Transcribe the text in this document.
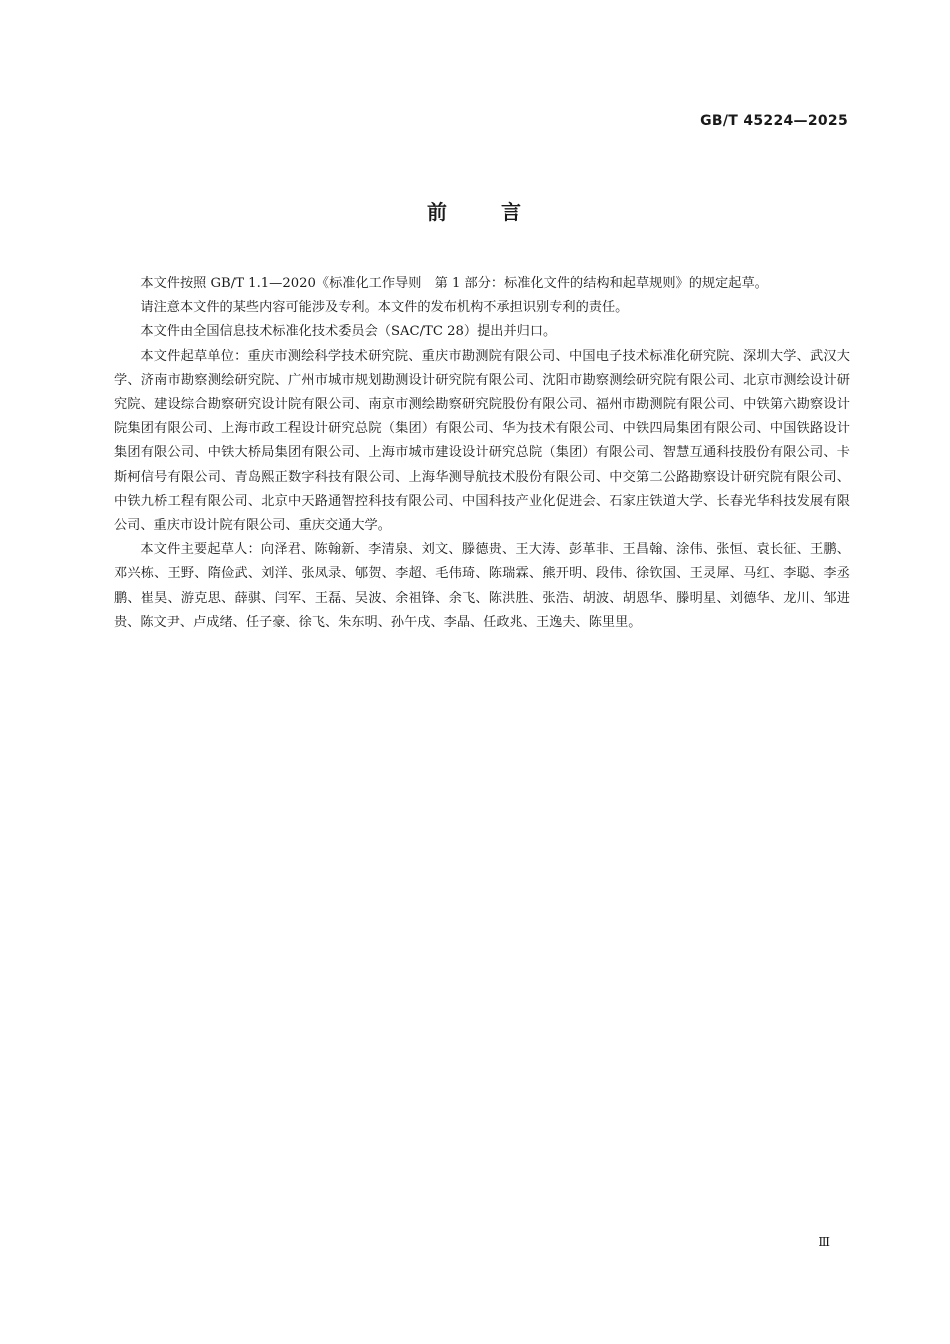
GB/T 45224—2025
前	言

本文件按照 GB/T 1.1—2020《标准化工作导则　第 1 部分：标准化文件的结构和起草规则》的规定起草。

请注意本文件的某些内容可能涉及专利。本文件的发布机构不承担识别专利的责任。

本文件由全国信息技术标准化技术委员会（SAC/TC 28）提出并归口。

本文件起草单位：重庆市测绘科学技术研究院、重庆市勘测院有限公司、中国电子技术标准化研究院、深圳大学、武汉大学、济南市勘察测绘研究院、广州市城市规划勘测设计研究院有限公司、沈阳市勘察测绘研究院有限公司、北京市测绘设计研究院、建设综合勘察研究设计院有限公司、南京市测绘勘察研究院股份有限公司、福州市勘测院有限公司、中铁第六勘察设计院集团有限公司、上海市政工程设计研究总院（集团）有限公司、华为技术有限公司、中铁四局集团有限公司、中国铁路设计集团有限公司、中铁大桥局集团有限公司、上海市城市建设设计研究总院（集团）有限公司、智慧互通科技股份有限公司、卡斯柯信号有限公司、青岛熙正数字科技有限公司、上海华测导航技术股份有限公司、中交第二公路勘察设计研究院有限公司、中铁九桥工程有限公司、北京中天路通智控科技有限公司、中国科技产业化促进会、石家庄铁道大学、长春光华科技发展有限公司、重庆市设计院有限公司、重庆交通大学。

本文件主要起草人：向泽君、陈翰新、李清泉、刘文、滕德贵、王大涛、彭革非、王昌翰、涂伟、张恒、袁长征、王鹏、邓兴栋、王野、隋俭武、刘洋、张凤录、郇贺、李超、毛伟琦、陈瑞霖、熊开明、段伟、徐钦国、王灵犀、马红、李聪、李丞鹏、崔昊、游克思、薛骐、闫军、王磊、吴波、余祖锋、余飞、陈洪胜、张浩、胡波、胡恩华、滕明星、刘德华、龙川、邹进贵、陈文尹、卢成绪、任子豪、徐飞、朱东明、孙午戌、李晶、任政兆、王逸夫、陈里里。

Ⅲ
